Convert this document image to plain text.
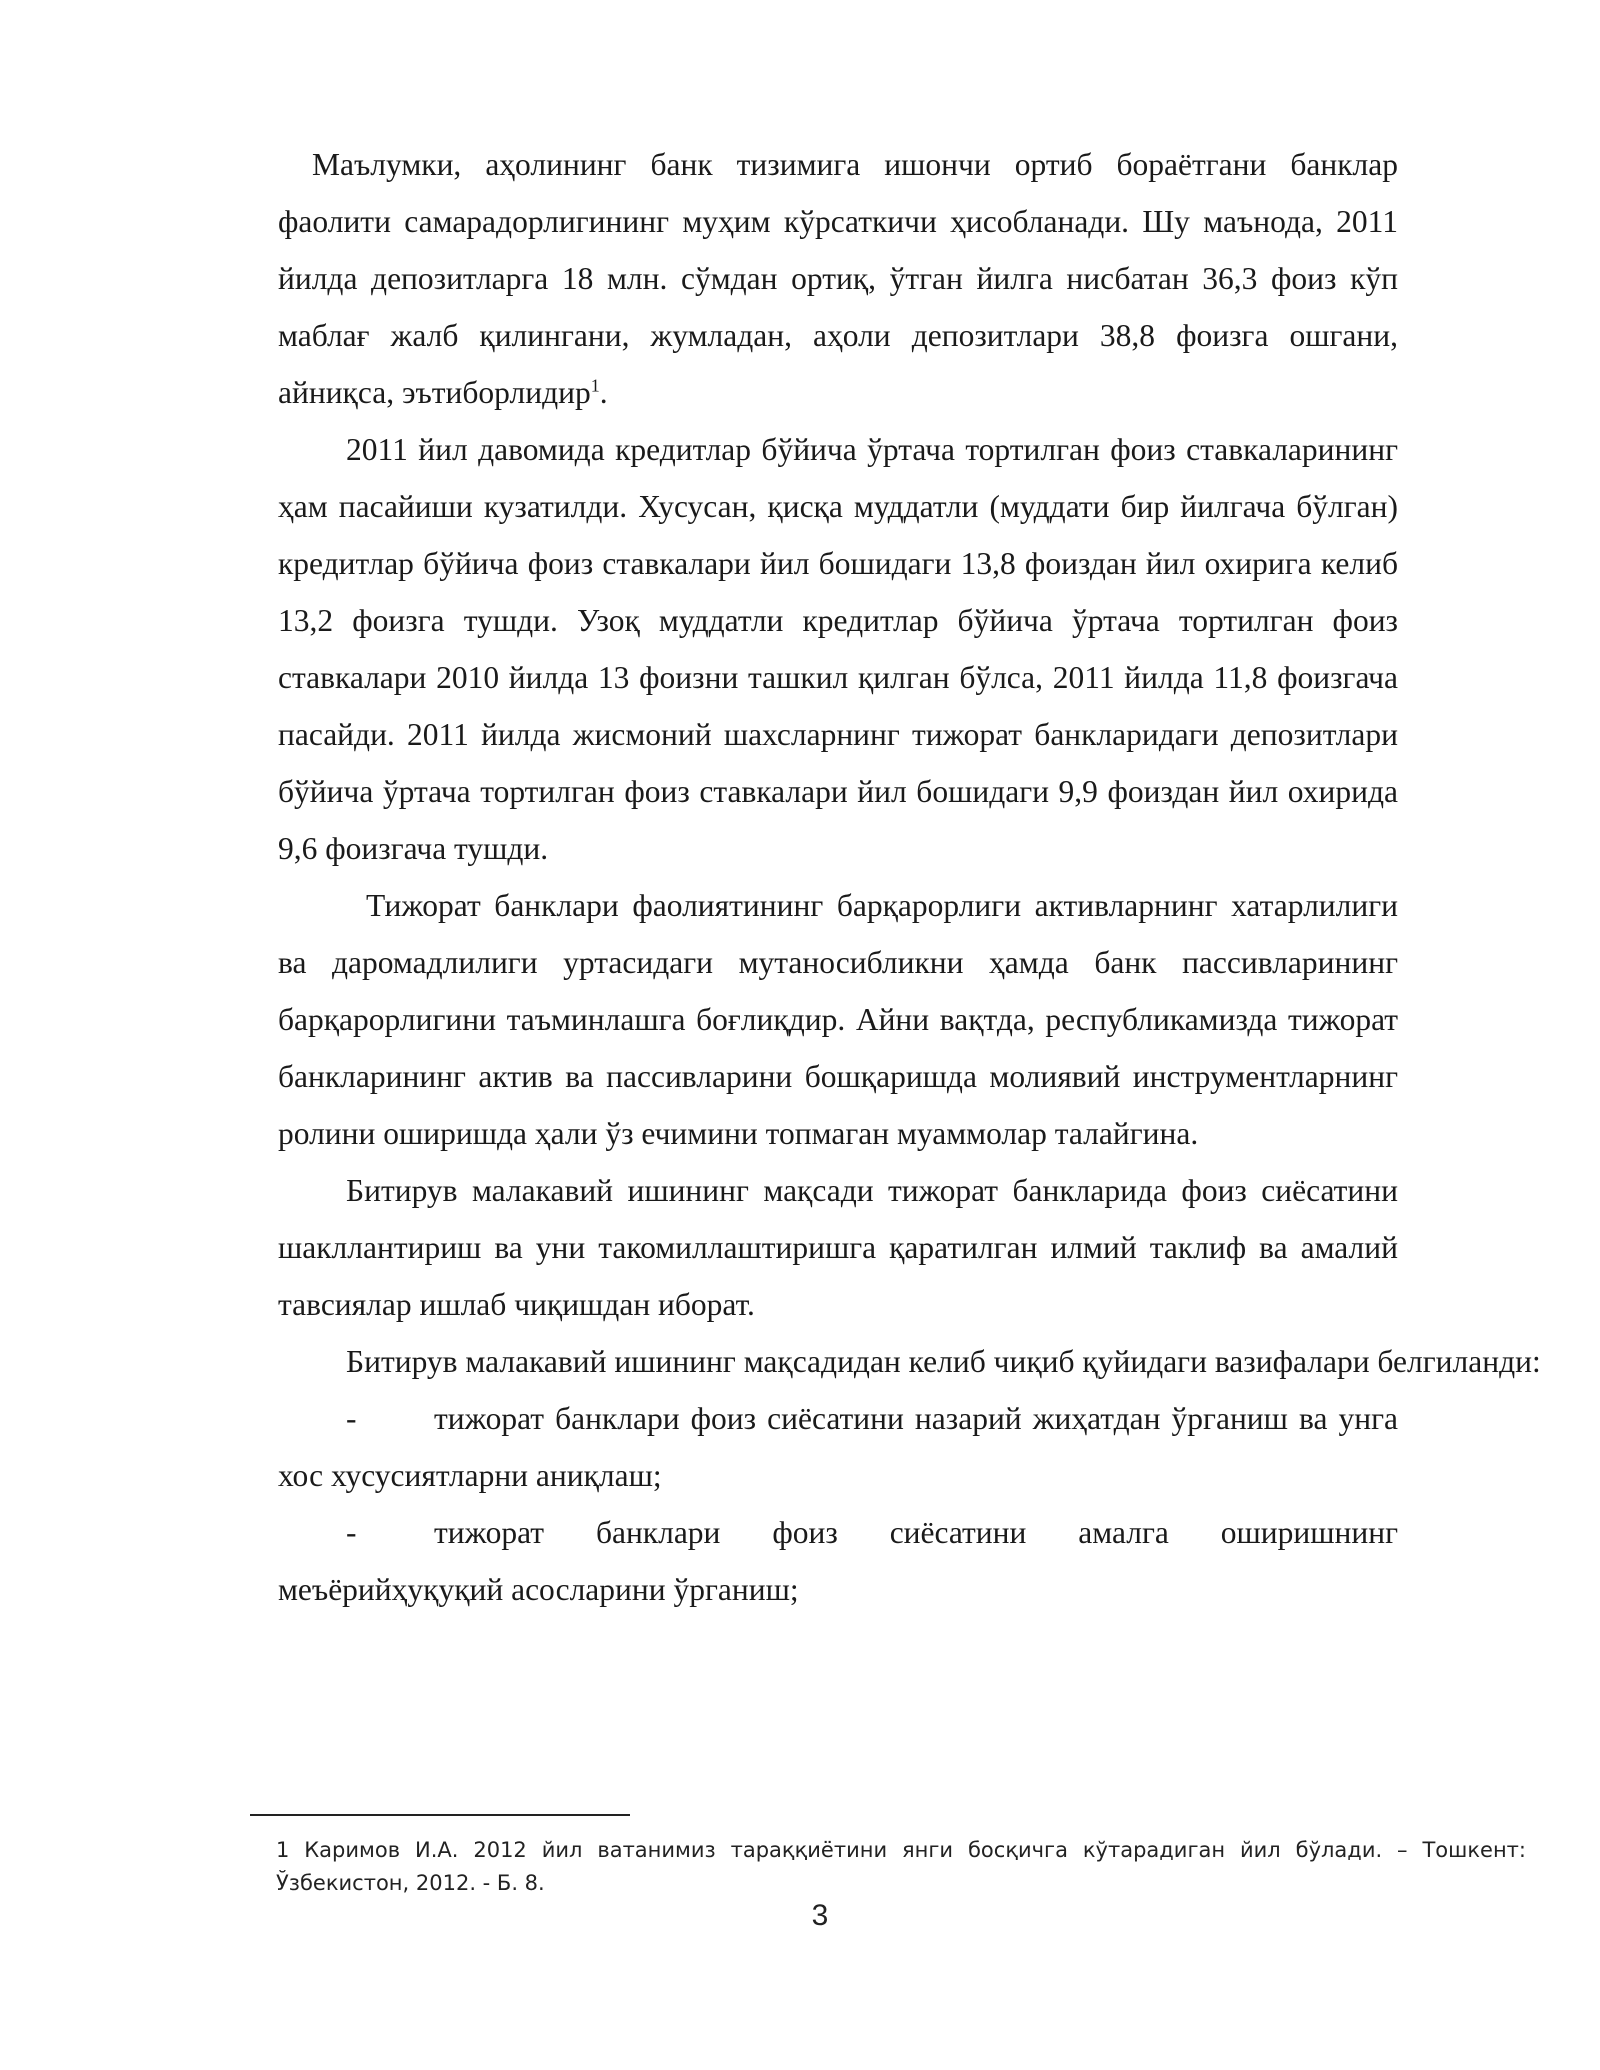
Маълумки, аҳолининг банк тизимига ишончи ортиб бораётгани банклар фаолити самарадорлигининг муҳим кўрсаткичи ҳисобланади. Шу маънода, 2011 йилда депозитларга 18 млн. сўмдан ортиқ, ўтган йилга нисбатан 36,3 фоиз кўп маблағ жалб қилингани, жумладан, аҳоли депозитлари 38,8 фоизга ошгани, айниқса, эътиборлидир$^1$.

2011 йил давомида кредитлар бўйича ўртача тортилган фоиз ставкаларининг ҳам пасайиши кузатилди. Хусусан, қисқа муддатли (муддати бир йилгача бўлган) кредитлар бўйича фоиз ставкалари йил бошидаги 13,8 фоиздан йил охирига келиб 13,2 фоизга тушди. Узоқ муддатли кредитлар бўйича ўртача тортилган фоиз ставкалари 2010 йилда 13 фоизни ташкил қилган бўлса, 2011 йилда 11,8 фоизгача пасайди. 2011 йилда жисмоний шахсларнинг тижорат банкларидаги депозитлари бўйича ўртача тортилган фоиз ставкалари йил бошидаги 9,9 фоиздан йил охирида 9,6 фоизгача тушди.

Тижорат банклари фаолиятининг барқарорлиги активларнинг хатарлилиги ва даромадлилиги уртасидаги мутаносибликни ҳамда банк пассивларининг барқарорлигини таъминлашга боғлиқдир. Айни вақтда, республикамизда тижорат банкларининг актив ва пассивларини бошқаришда молиявий инструментларнинг ролини оширишда ҳали ўз ечимини топмаган муаммолар талайгина.

Битирув малакавий ишининг мақсади тижорат банкларида фоиз сиёсатини шакллантириш ва уни такомиллаштиришга қаратилган илмий таклиф ва амалий тавсиялар ишлаб чиқишдан иборат.

Битирув малакавий ишининг мақсадидан келиб чиқиб қуйидаги вазифалари белгиланди:

- тижорат банклари фоиз сиёсатини назарий жиҳатдан ўрганиш ва унга хос хусусиятларни аниқлаш;

- тижорат банклари фоиз сиёсатини амалга оширишнинг меъёрийҳуқуқий асосларини ўрганиш;

1 Каримов И.А. 2012 йил ватанимиз тараққиётини янги босқичга кўтарадиган йил бўлади. – Тошкент: Ўзбекистон, 2012. - Б. 8.

3
